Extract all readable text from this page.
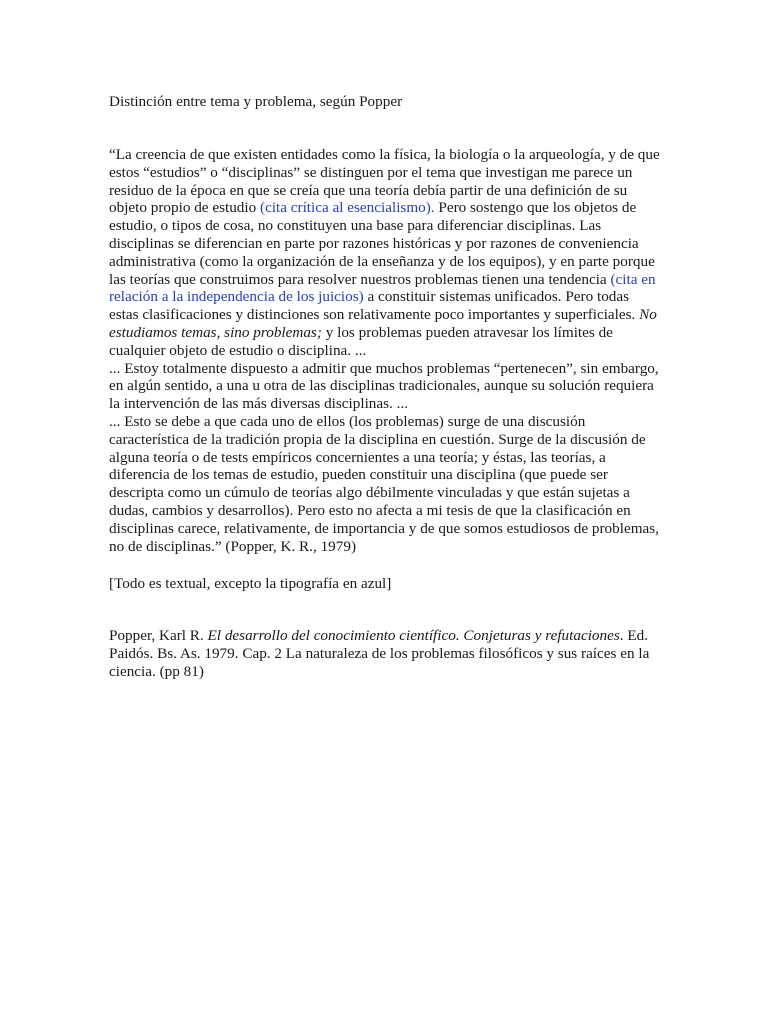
Distinción entre tema y problema, según Popper

“La creencia de que existen entidades como la física, la biología o la arqueología, y de que estos “estudios” o “disciplinas” se distinguen por el tema que investigan me parece un residuo de la época en que se creía que una teoría debía partir de una definición de su objeto propio de estudio (cita crítica al esencialismo). Pero sostengo que los objetos de estudio, o tipos de cosa, no constituyen una base para diferenciar disciplinas. Las disciplinas se diferencian en parte por razones históricas y por razones de conveniencia administrativa (como la organización de la enseñanza y de los equipos), y en parte porque las teorías que construimos para resolver nuestros problemas tienen una tendencia (cita en relación a la independencia de los juicios) a constituir sistemas unificados. Pero todas estas clasificaciones y distinciones son relativamente poco importantes y superficiales. No estudiamos temas, sino problemas; y los problemas pueden atravesar los límites de cualquier objeto de estudio o disciplina. ...

... Estoy totalmente dispuesto a admitir que muchos problemas “pertenecen”, sin embargo, en algún sentido, a una u otra de las disciplinas tradicionales, aunque su solución requiera la intervención de las más diversas disciplinas. ...

... Esto se debe a que cada uno de ellos (los problemas) surge de una discusión característica de la tradición propia de la disciplina en cuestión. Surge de la discusión de alguna teoría o de tests empíricos concernientes a una teoría; y éstas, las teorías, a diferencia de los temas de estudio, pueden constituir una disciplina (que puede ser descripta como un cúmulo de teorías algo débilmente vinculadas y que están sujetas a dudas, cambios y desarrollos). Pero esto no afecta a mi tesis de que la clasificación en disciplinas carece, relativamente, de importancia y de que somos estudiosos de problemas, no de disciplinas.” (Popper, K. R., 1979)

[Todo es textual, excepto la tipografía en azul]
Popper, Karl R. El desarrollo del conocimiento científico. Conjeturas y refutaciones. Ed. Paidós. Bs. As. 1979. Cap. 2 La naturaleza de los problemas filosóficos y sus raíces en la ciencia. (pp 81)
